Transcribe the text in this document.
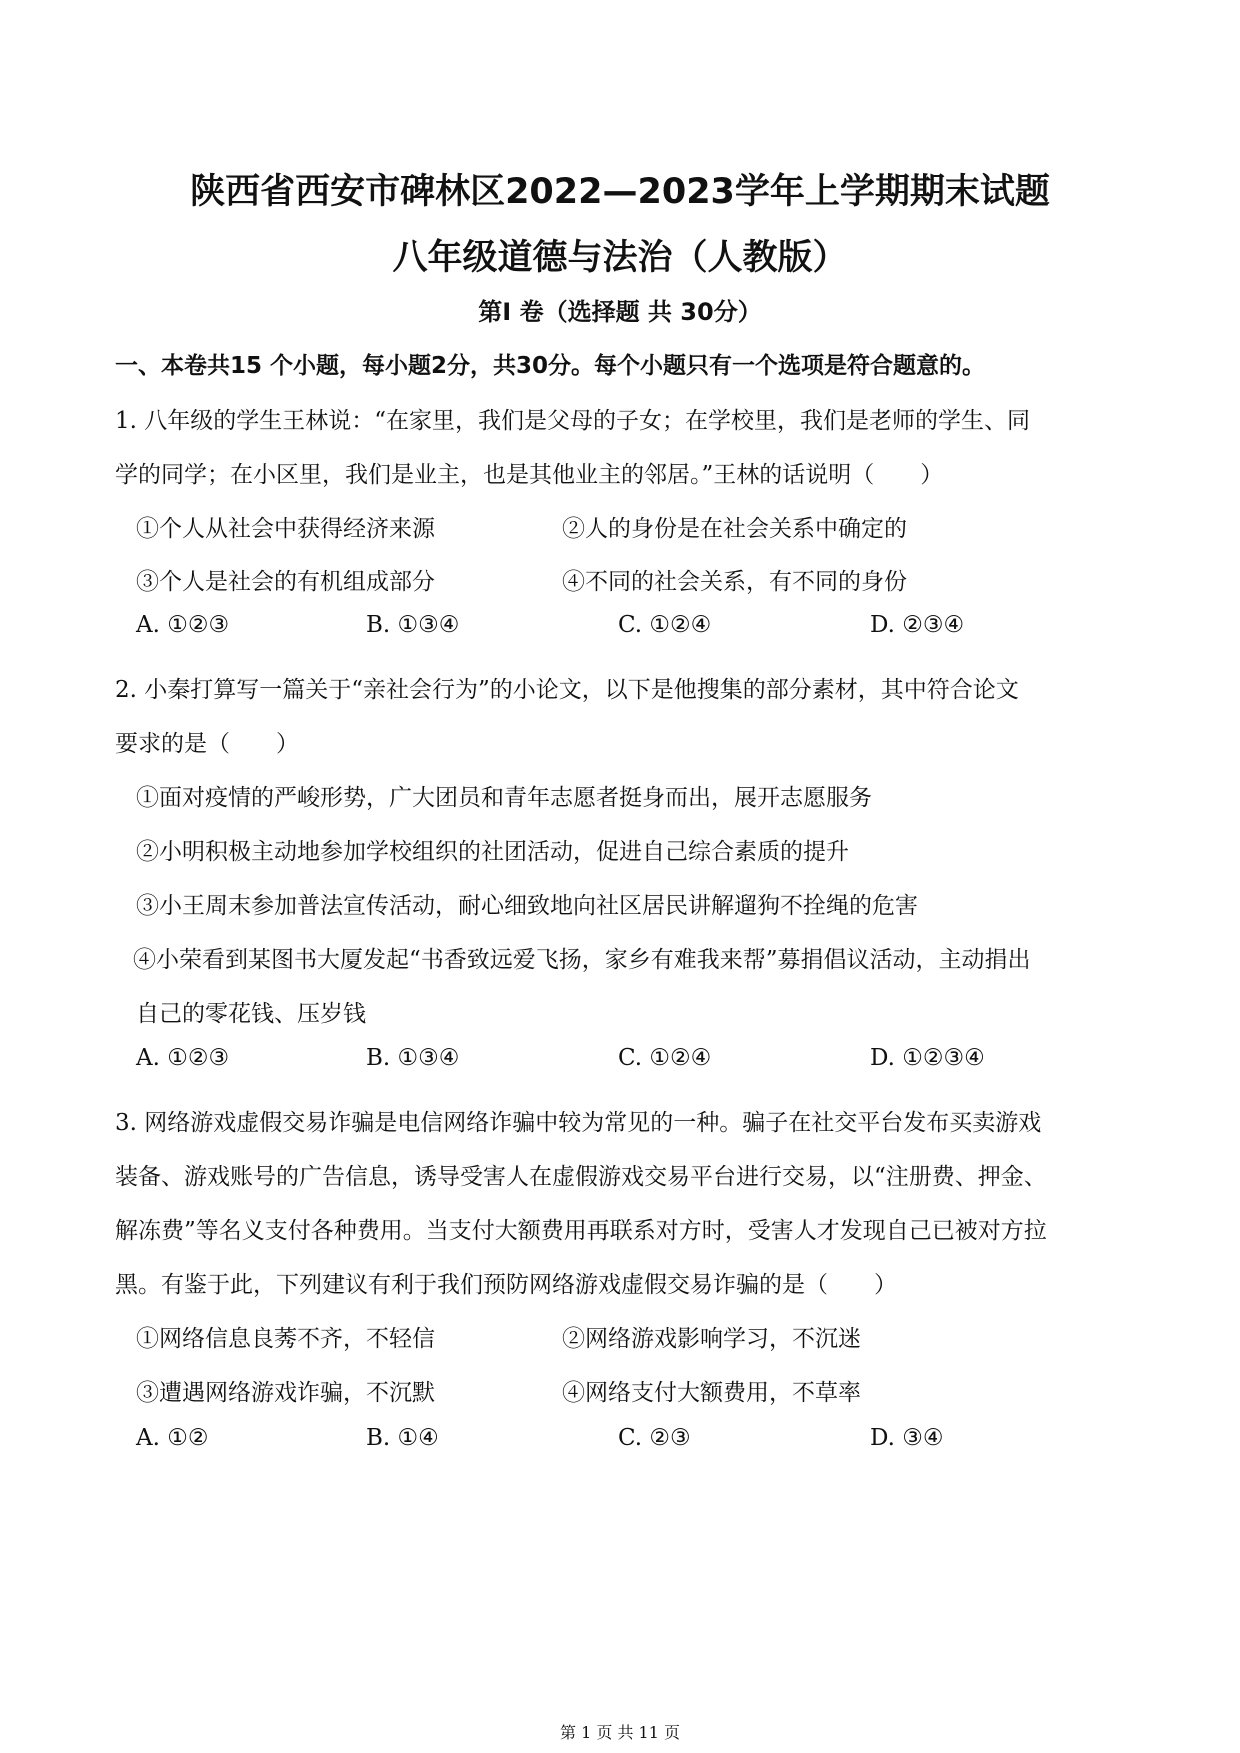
陕西省西安市碑林区2022—2023学年上学期期末试题
八年级道德与法治（人教版）
第Ⅰ 卷（选择题 共 30分）
一、本卷共15 个小题，每小题2分，共30分。每个小题只有一个选项是符合题意的。
1. 八年级的学生王林说：“在家里，我们是父母的子女；在学校里，我们是老师的学生、同
学的同学；在小区里，我们是业主，也是其他业主的邻居。”王林的话说明（　　）
①个人从社会中获得经济来源	②人的身份是在社会关系中确定的
③个人是社会的有机组成部分	④不同的社会关系，有不同的身份
A. ①②③	B. ①③④	C. ①②④	D. ②③④
2. 小秦打算写一篇关于“亲社会行为”的小论文，以下是他搜集的部分素材，其中符合论文
要求的是（　　）
①面对疫情的严峻形势，广大团员和青年志愿者挺身而出，展开志愿服务
②小明积极主动地参加学校组织的社团活动，促进自己综合素质的提升
③小王周末参加普法宣传活动，耐心细致地向社区居民讲解遛狗不拴绳的危害
④小荣看到某图书大厦发起“书香致远爱飞扬，家乡有难我来帮”募捐倡议活动，主动捐出
自己的零花钱、压岁钱
A. ①②③	B. ①③④	C. ①②④	D. ①②③④
3. 网络游戏虚假交易诈骗是电信网络诈骗中较为常见的一种。骗子在社交平台发布买卖游戏
装备、游戏账号的广告信息，诱导受害人在虚假游戏交易平台进行交易，以“注册费、押金、
解冻费”等名义支付各种费用。当支付大额费用再联系对方时，受害人才发现自己已被对方拉
黑。有鉴于此，下列建议有利于我们预防网络游戏虚假交易诈骗的是（　　）
①网络信息良莠不齐，不轻信	②网络游戏影响学习，不沉迷
③遭遇网络游戏诈骗，不沉默	④网络支付大额费用，不草率
A. ①②	B. ①④	C. ②③	D. ③④
第 1 页 共 11 页
